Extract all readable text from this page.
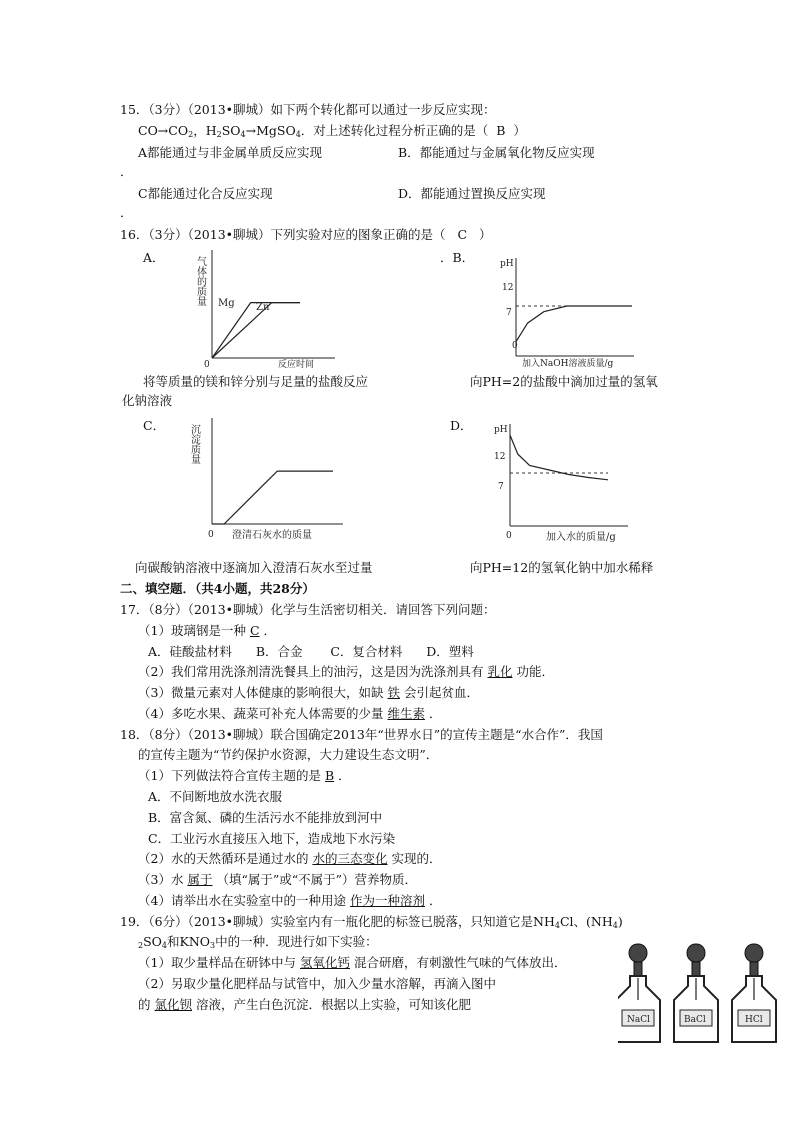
15．（3分）（2013•聊城）如下两个转化都可以通过一步反应实现：
$CO\to CO_2$，$H_2SO_4\to MgSO_4$．对上述转化过程分析正确的是（ B ）
A都能通过与非金属单质反应实现	B．都能通过与金属氧化物反应实现
．
C都能通过化合反应实现	D．都能通过置换反应实现
．
16．（3分）（2013•聊城）下列实验对应的图象正确的是（ C ）
A．	．B．
气体的质量
0	反应时间
Mg Zn
pH
12
7
0
加入NaOH溶液质量/g
将等质量的镁和锌分别与足量的盐酸反应	向PH=2的盐酸中滴加过量的氢氧
化钠溶液
C．	D．
沉淀质量
0 澄清石灰水的质量
pH
12
7
0	加入水的质量/g
向碳酸钠溶液中逐滴加入澄清石灰水至过量	向PH=12的氢氧化钠中加水稀释
二、填空题．（共4小题，共28分）
17．（8分）（2013•聊城）化学与生活密切相关．请回答下列问题：
（1）玻璃钢是一种 C ．
A．硅酸盐材料      B．合金       C．复合材料      D．塑料
（2）我们常用洗涤剂清洗餐具上的油污，这是因为洗涤剂具有 乳化 功能．
（3）微量元素对人体健康的影响很大，如缺 铁 会引起贫血．
（4）多吃水果、蔬菜可补充人体需要的少量 维生素 ．
18．（8分）（2013•聊城）联合国确定2013年“世界水日”的宣传主题是“水合作”．我国
的宣传主题为“节约保护水资源，大力建设生态文明”．
（1）下列做法符合宣传主题的是 B ．
A．不间断地放水洗衣服
B．富含氮、磷的生活污水不能排放到河中
C．工业污水直接压入地下，造成地下水污染
（2）水的天然循环是通过水的 水的三态变化 实现的．
（3）水 属于 （填“属于”或“不属于”）营养物质．
（4）请举出水在实验室中的一种用途 作为一种溶剂 ．
19．（6分）（2013•聊城）实验室内有一瓶化肥的标签已脱落，只知道它是$NH_4Cl$、$(NH_4)$
$_2SO_4$和$KNO_3$中的一种．现进行如下实验：
（1）取少量样品在研钵中与 氢氧化钙 混合研磨，有刺激性气味的气体放出．
（2）另取少量化肥样品与试管中，加入少量水溶解，再滴入图中
的 氯化钡 溶液，产生白色沉淀．根据以上实验，可知该化肥
NaCl	BaCl	HCl
